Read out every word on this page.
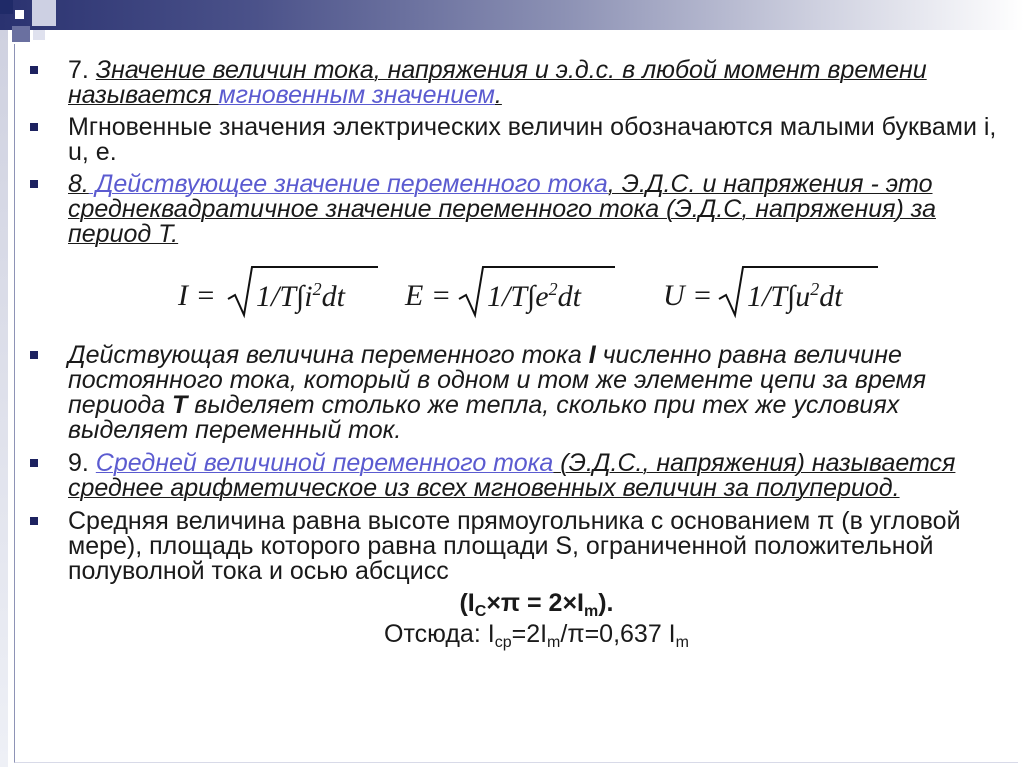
7. Значение величин тока, напряжения и э.д.с. в любой момент времени называется мгновенным значением.
Мгновенные значения электрических величин обозначаются малыми буквами i, u, e.
8. Действующее значение переменного тока, Э.Д.С. и напряжения - это среднеквадратичное значение переменного тока (Э.Д.С, напряжения) за период Т.
$I = 1/T\int i^2dt$ $E = 1/T\int e^2dt$	$U = 1/T\int u^2dt$
Действующая величина переменного тока I численно равна величине постоянного тока, который в одном и том же элементе цепи за время периода Т выделяет столько же тепла, сколько при тех же условиях выделяет переменный ток.
9. Средней величиной переменного тока (Э.Д.С., напряжения) называется среднее арифметическое из всех мгновенных величин за полупериод.
Средняя величина равна высоте прямоугольника с основанием π (в угловой мере), площадь которого равна площади S, ограниченной положительной полуволной тока и осью абсцисс
$(I_C\times\pi = 2\times I_m)$.
Отсюда: $I_{ср}=2I_m/\pi=0,637$ $I_m$
